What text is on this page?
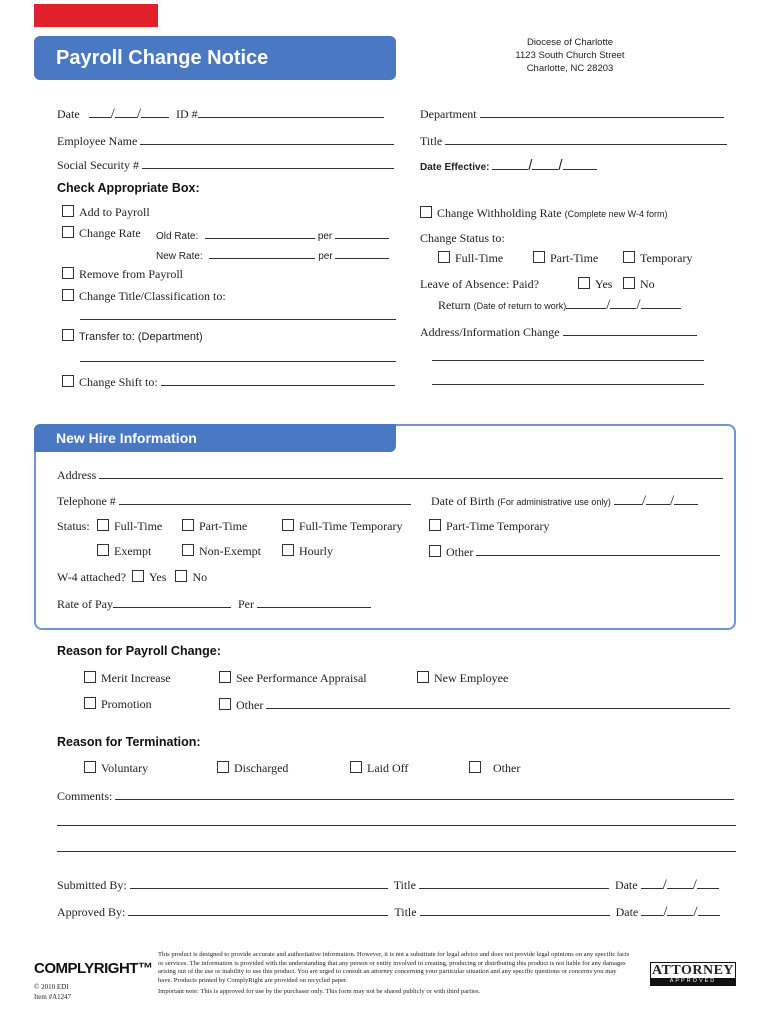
Payroll Change Notice
Diocese of Charlotte
1123 South Church Street
Charlotte, NC 28203
Date / /	ID #	Department
Employee Name	Title
Social Security #	Date Effective:	/ /
Check Appropriate Box:
Add to Payroll
Change Rate Old Rate:	per
New Rate:	per
Remove from Payroll
Change Title/Classification to:
Transfer to: (Department)
Change Shift to:
Change Withholding Rate (Complete new W-4 form)
Change Status to:
Full-Time	Part-Time	Temporary
Leave of Absence: Paid?	Yes	No
Return (Date of return to work)	/ /
Address/Information Change
New Hire Information
Address
Telephone #	Date of Birth (For administrative use only) / /
Status:	Full-Time	Part-Time	Full-Time Temporary	Part-Time Temporary
Exempt	Non-Exempt	Hourly	Other
W-4 attached? Yes No
Rate of Pay	Per
Reason for Payroll Change:
Merit Increase	See Performance Appraisal	New Employee
Promotion	Other
Reason for Termination:
Voluntary	Discharged	Laid Off	Other
Comments:
Submitted By:	Title	Date / /
Approved By:	Title	Date / /
COMPLYRIGHT™
© 2010 EDI
Item #A1247
This product is designed to provide accurate and authoritative information. However, it is not a substitute for legal advice and does not provide legal opinions on any specific facts or services. The information is provided with the understanding that any person or entity involved in creating, producing or distributing this product is not liable for any damages arising out of the use or inability to use this product. You are urged to consult an attorney concerning your particular situation and any specific questions or concerns you may have. Products printed by ComplyRight are provided on recycled paper.
Important note: This is approved for use by the purchaser only. This form may not be shared publicly or with third parties.
ATTORNEY
APPROVED
